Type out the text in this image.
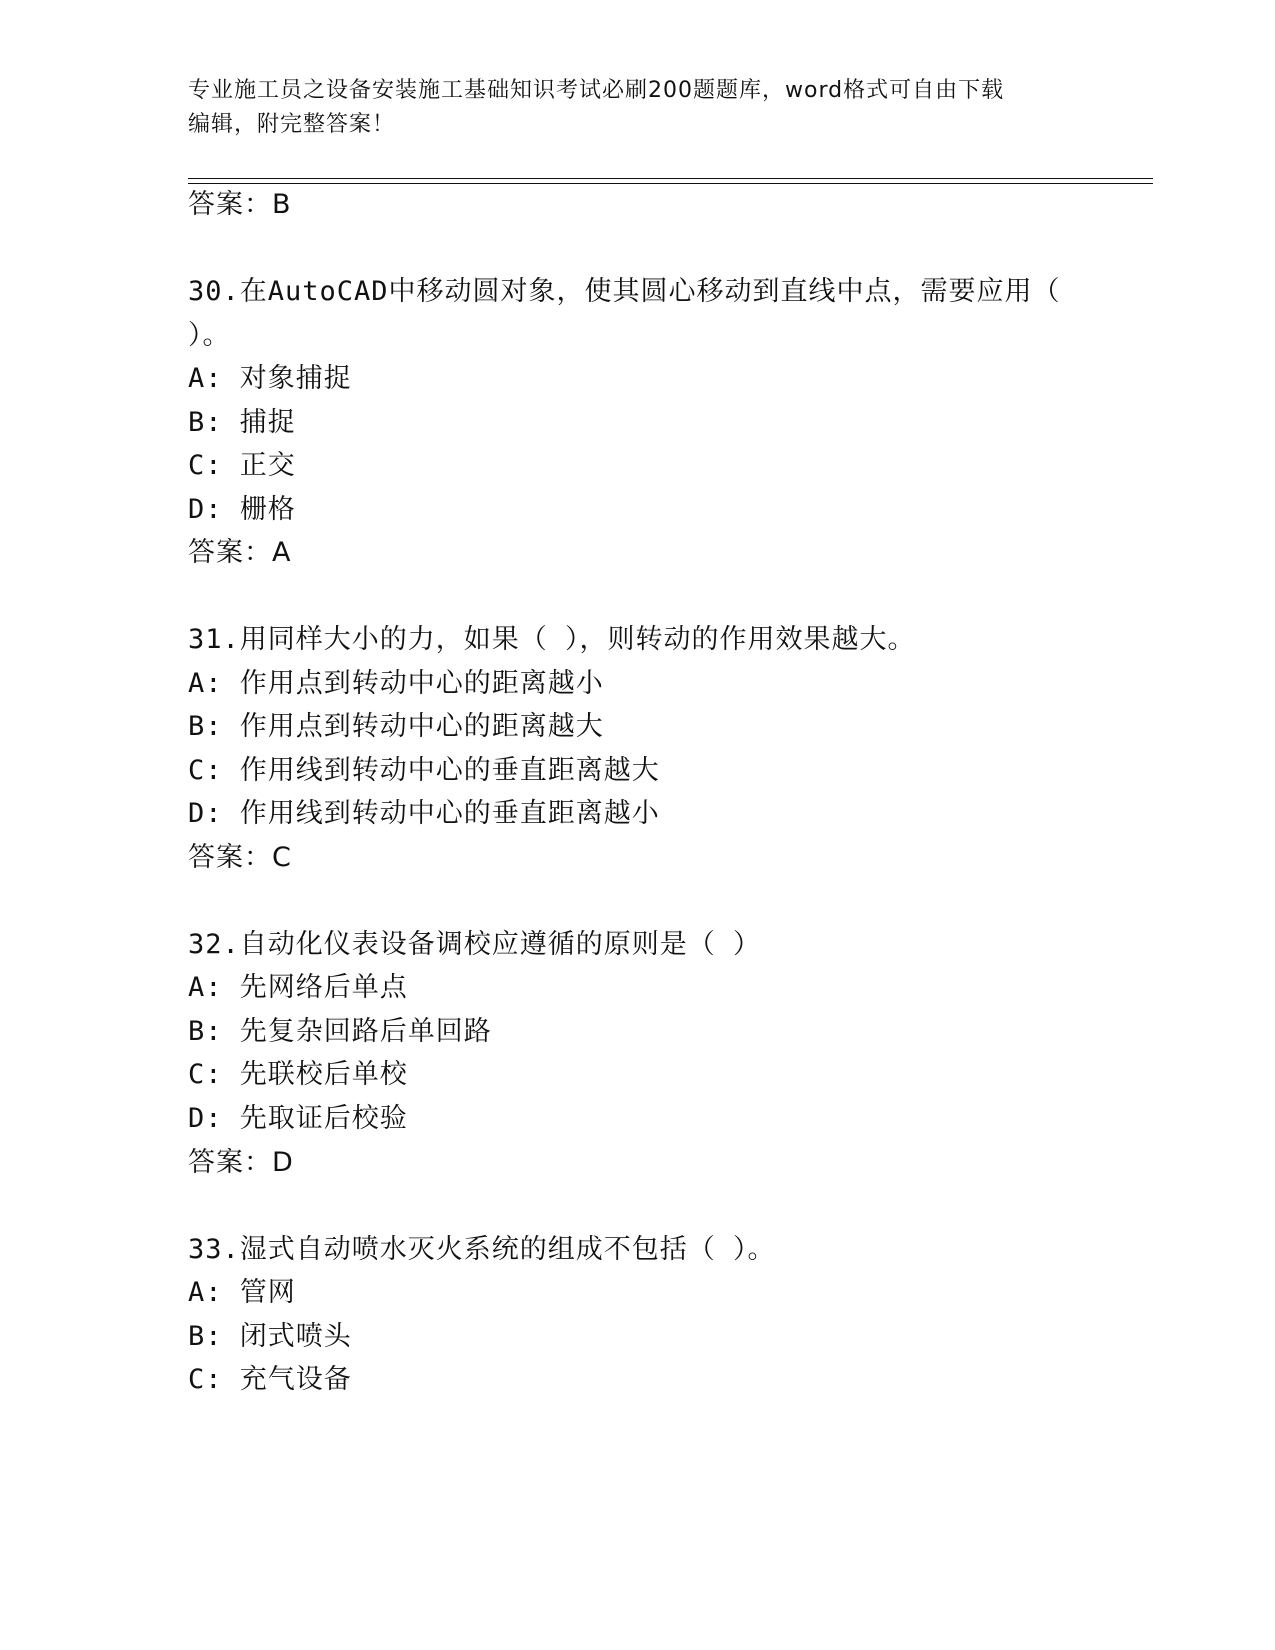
专业施工员之设备安装施工基础知识考试必刷200题题库，word格式可自由下载
编辑，附完整答案！
答案：B
30.在AutoCAD中移动圆对象，使其圆心移动到直线中点，需要应用（
）。
A: 对象捕捉
B: 捕捉
C: 正交
D: 栅格
答案：A
31.用同样大小的力，如果（ ），则转动的作用效果越大。
A: 作用点到转动中心的距离越小
B: 作用点到转动中心的距离越大
C: 作用线到转动中心的垂直距离越大
D: 作用线到转动中心的垂直距离越小
答案：C
32.自动化仪表设备调校应遵循的原则是（ ）
A: 先网络后单点
B: 先复杂回路后单回路
C: 先联校后单校
D: 先取证后校验
答案：D
33.湿式自动喷水灭火系统的组成不包括（ ）。
A: 管网
B: 闭式喷头
C: 充气设备
